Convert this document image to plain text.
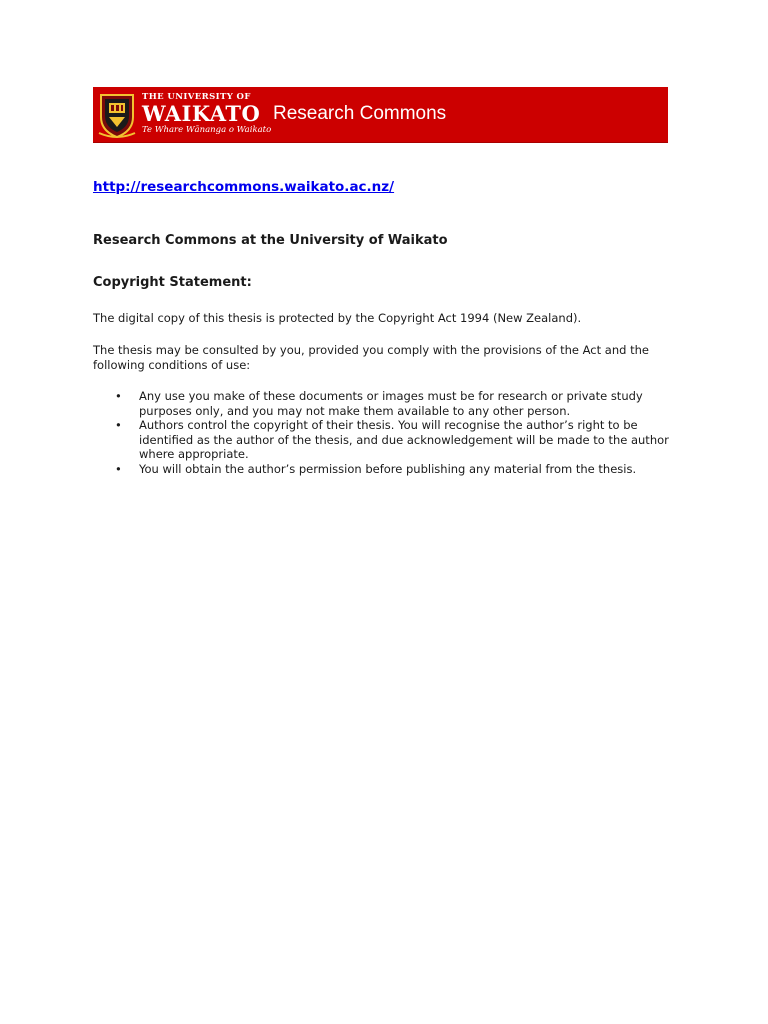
THE UNIVERSITY OF
WAIKATO
Te Whare Wānanga o Waikato
Research Commons
http://researchcommons.waikato.ac.nz/
Research Commons at the University of Waikato
Copyright Statement:
The digital copy of this thesis is protected by the Copyright Act 1994 (New Zealand).
The thesis may be consulted by you, provided you comply with the provisions of the Act and the following conditions of use:
• Any use you make of these documents or images must be for research or private study purposes only, and you may not make them available to any other person.
• Authors control the copyright of their thesis. You will recognise the author’s right to be identified as the author of the thesis, and due acknowledgement will be made to the author where appropriate.
• You will obtain the author’s permission before publishing any material from the thesis.
